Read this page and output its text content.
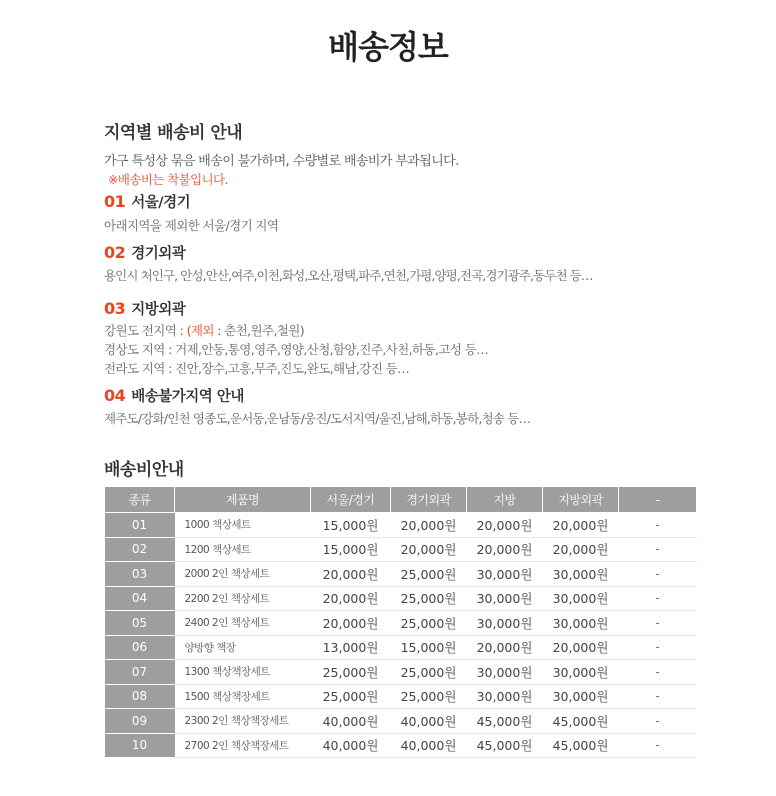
배송정보
지역별 배송비 안내
가구 특성상 묶음 배송이 불가하며, 수량별로 배송비가 부과됩니다.
※배송비는 착불입니다.
01 서울/경기
아래지역을 제외한 서울/경기 지역
02 경기외곽
용인시 처인구, 안성,안산,여주,이천,화성,오산,평택,파주,연천,가평,양평,전곡,경기광주,동두천 등…
03 지방외곽
강원도 전지역 : (제외 : 춘천,원주,철원)
경상도 지역 : 거제,안동,통영,영주,영양,산청,함양,진주,사천,하동,고성 등…
전라도 지역 : 진안,장수,고흥,무주,진도,완도,해남,강진 등…
04 배송불가지역 안내
제주도/강화/인천 영종도,운서동,운남동/웅진/도서지역/울진,남해,하동,봉하,청송 등…
배송비안내
종류	제품명	서울/경기	경기외곽	지방	지방외곽	-
01	1000 책상세트	15,000원	20,000원	20,000원	20,000원	-
02	1200 책상세트	15,000원	20,000원	20,000원	20,000원	-
03	2000 2인 책상세트	20,000원	25,000원	30,000원	30,000원	-
04	2200 2인 책상세트	20,000원	25,000원	30,000원	30,000원	-
05	2400 2인 책상세트	20,000원	25,000원	30,000원	30,000원	-
06	양방향 책장	13,000원	15,000원	20,000원	20,000원	-
07	1300 책상책장세트	25,000원	25,000원	30,000원	30,000원	-
08	1500 책상책장세트	25,000원	25,000원	30,000원	30,000원	-
09	2300 2인 책상책장세트	40,000원	40,000원	45,000원	45,000원	-
10	2700 2인 책상책장세트	40,000원	40,000원	45,000원	45,000원	-
